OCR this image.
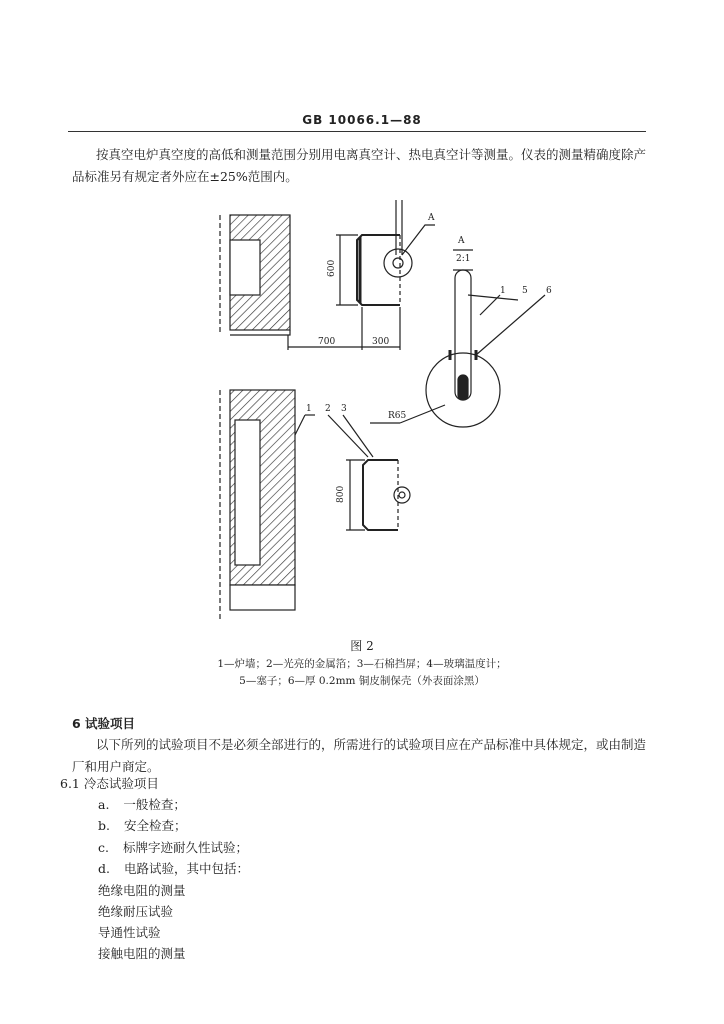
GB 10066.1—88
按真空电炉真空度的高低和测量范围分别用电离真空计、热电真空计等测量。仪表的测量精确度除产品标准另有规定者外应在±25%范围内。
600
700	300
800
A
A
2:1
1 5 6
R65
1 2 3
图 2
1—炉墙；2—光亮的金属箔；3—石棉挡屏；4—玻璃温度计；
5—塞子；6—厚 0.2mm 铜皮制保壳（外表面涂黑）
6 试验项目
以下所列的试验项目不是必须全部进行的，所需进行的试验项目应在产品标准中具体规定，或由制造厂和用户商定。
6.1 冷态试验项目
a. 一般检查；
b. 安全检查；
c. 标牌字迹耐久性试验；
d. 电路试验，其中包括：
绝缘电阻的测量
绝缘耐压试验
导通性试验
接触电阻的测量
